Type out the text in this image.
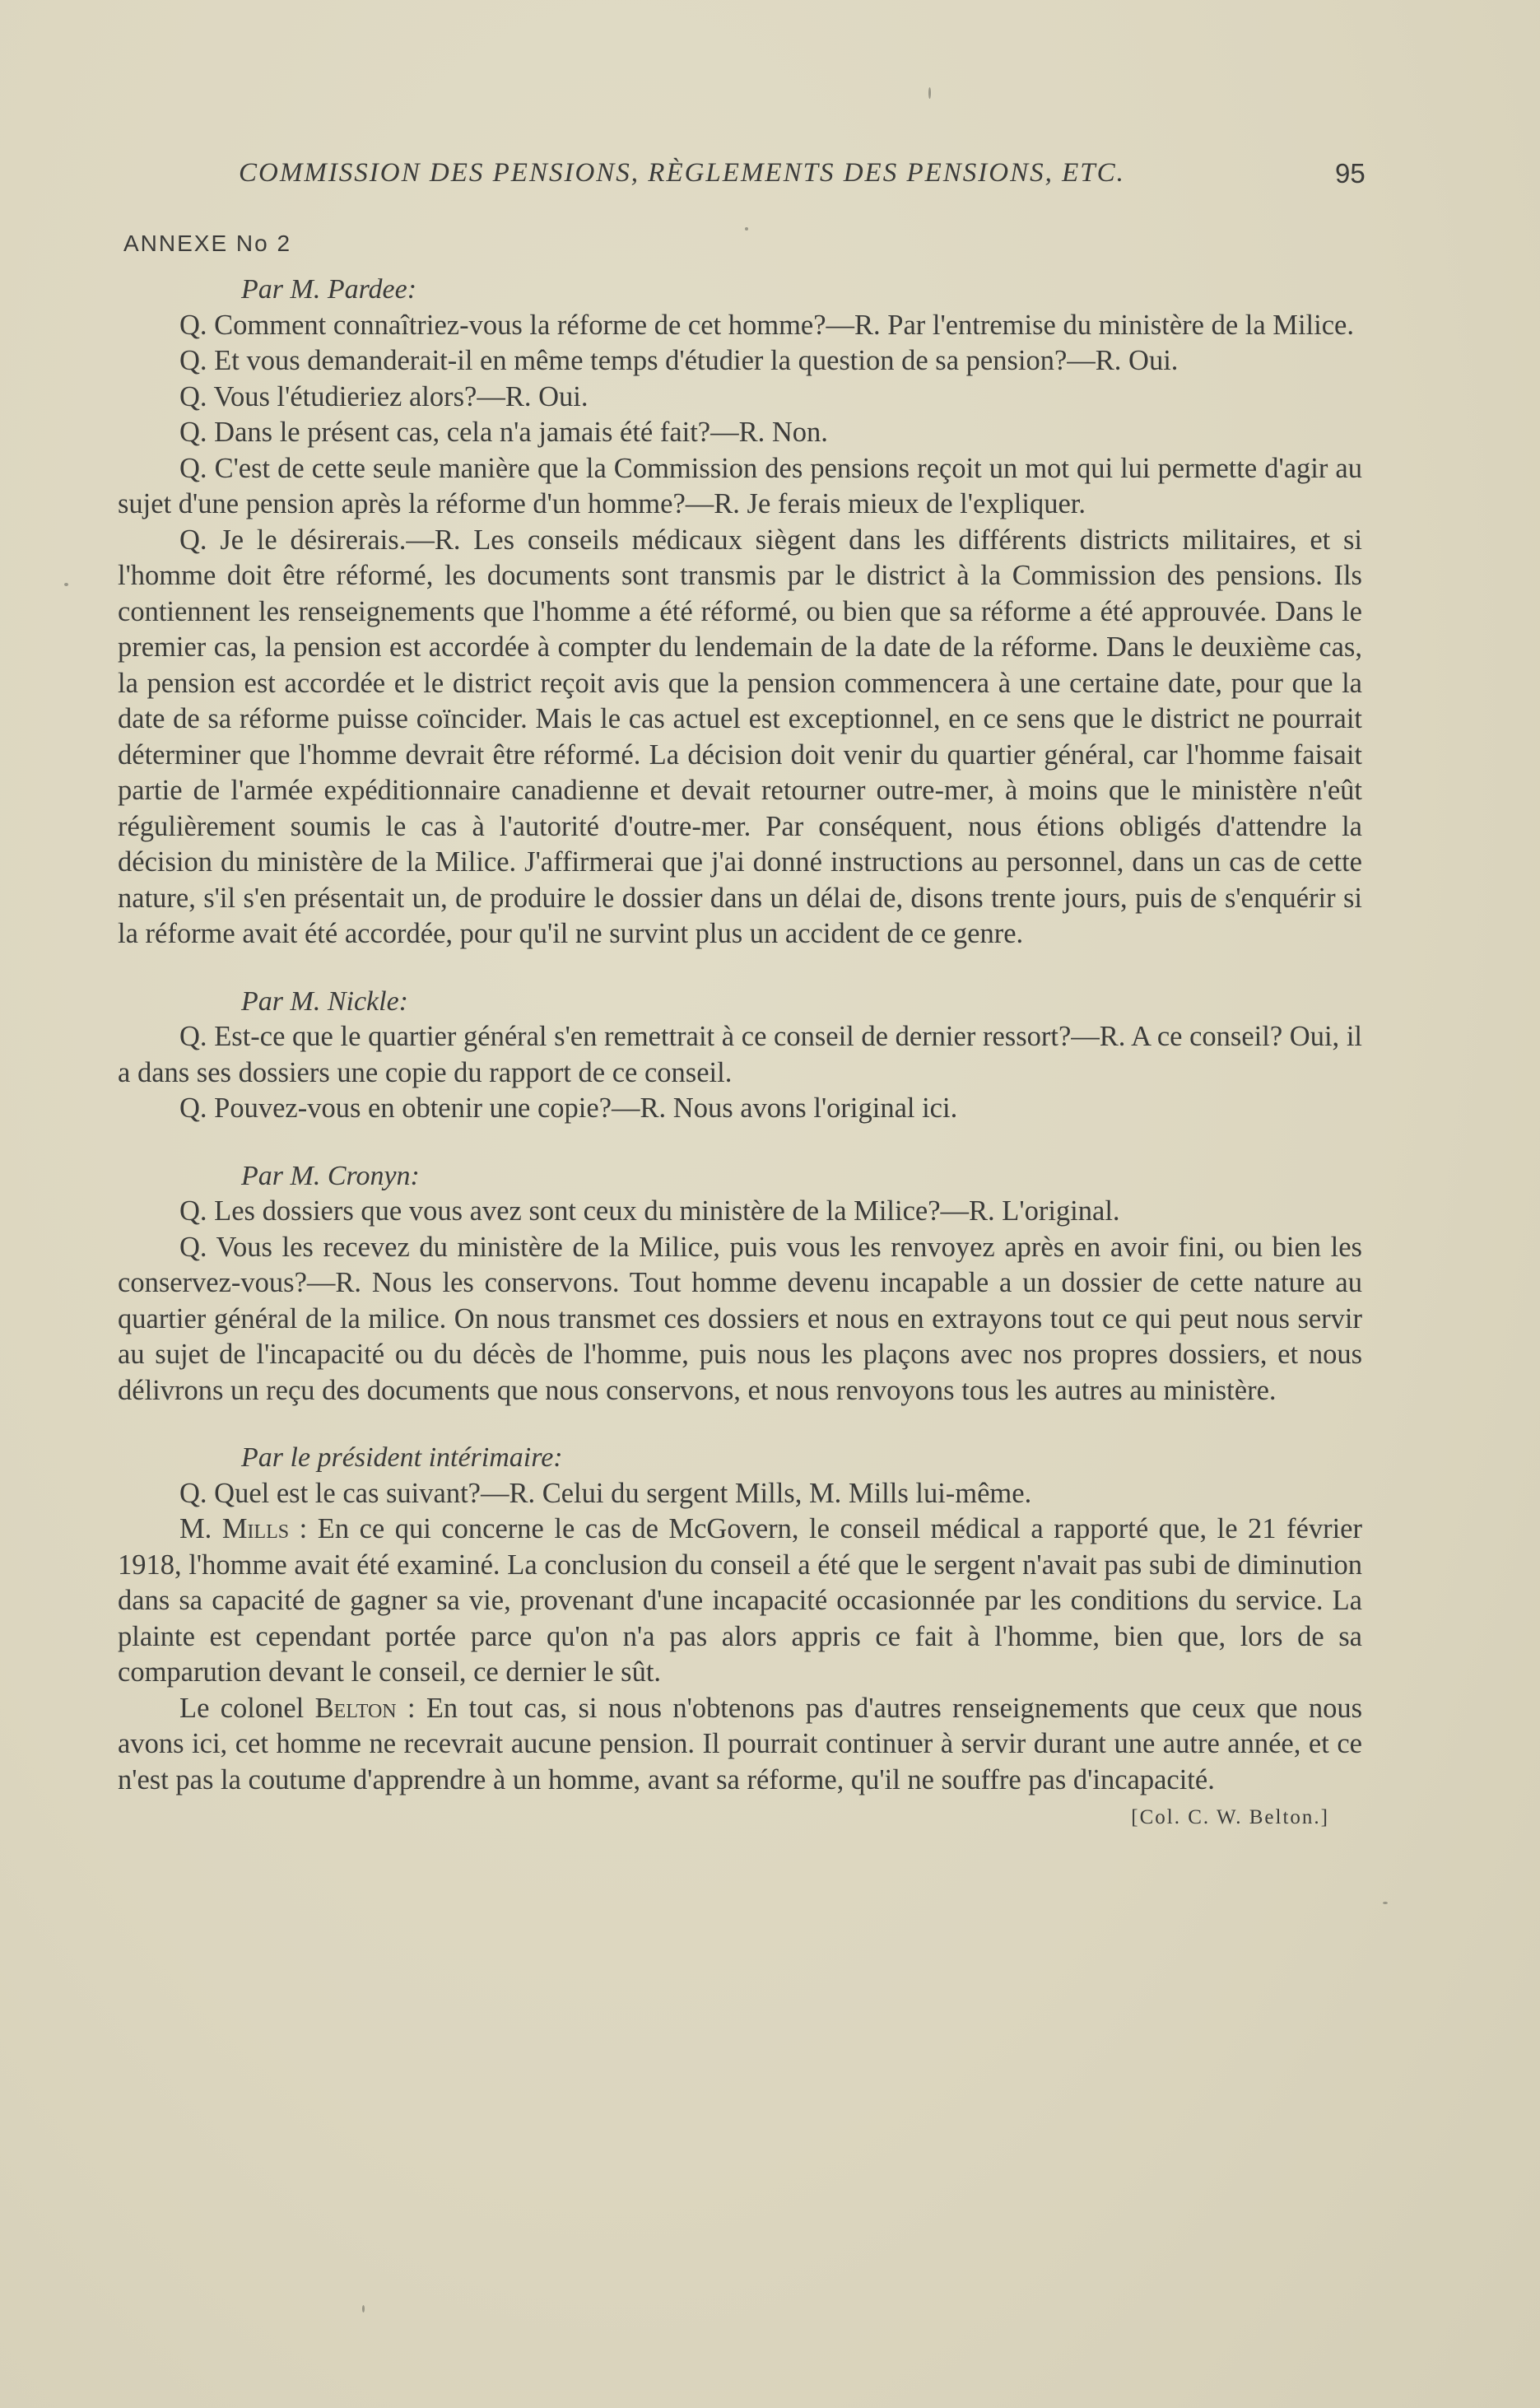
COMMISSION DES PENSIONS, RÈGLEMENTS DES PENSIONS, ETC.	95
ANNEXE No 2

Par M. Pardee:

Q. Comment connaîtriez-vous la réforme de cet homme?—R. Par l'entremise du ministère de la Milice.

Q. Et vous demanderait-il en même temps d'étudier la question de sa pension?—R. Oui.

Q. Vous l'étudieriez alors?—R. Oui.

Q. Dans le présent cas, cela n'a jamais été fait?—R. Non.

Q. C'est de cette seule manière que la Commission des pensions reçoit un mot qui lui permette d'agir au sujet d'une pension après la réforme d'un homme?—R. Je ferais mieux de l'expliquer.

Q. Je le désirerais.—R. Les conseils médicaux siègent dans les différents districts militaires, et si l'homme doit être réformé, les documents sont transmis par le district à la Commission des pensions. Ils contiennent les renseignements que l'homme a été réformé, ou bien que sa réforme a été approuvée. Dans le premier cas, la pension est accordée à compter du lendemain de la date de la réforme. Dans le deuxième cas, la pension est accordée et le district reçoit avis que la pension commencera à une certaine date, pour que la date de sa réforme puisse coïncider. Mais le cas actuel est exceptionnel, en ce sens que le district ne pourrait déterminer que l'homme devrait être réformé. La décision doit venir du quartier général, car l'homme faisait partie de l'armée expéditionnaire canadienne et devait retourner outre-mer, à moins que le ministère n'eût régulièrement soumis le cas à l'autorité d'outre-mer. Par conséquent, nous étions obligés d'attendre la décision du ministère de la Milice. J'affirmerai que j'ai donné instructions au personnel, dans un cas de cette nature, s'il s'en présentait un, de produire le dossier dans un délai de, disons trente jours, puis de s'enquérir si la réforme avait été accordée, pour qu'il ne survint plus un accident de ce genre.

Par M. Nickle:

Q. Est-ce que le quartier général s'en remettrait à ce conseil de dernier ressort?—R. A ce conseil? Oui, il a dans ses dossiers une copie du rapport de ce conseil.

Q. Pouvez-vous en obtenir une copie?—R. Nous avons l'original ici.

Par M. Cronyn:

Q. Les dossiers que vous avez sont ceux du ministère de la Milice?—R. L'original.

Q. Vous les recevez du ministère de la Milice, puis vous les renvoyez après en avoir fini, ou bien les conservez-vous?—R. Nous les conservons. Tout homme devenu incapable a un dossier de cette nature au quartier général de la milice. On nous transmet ces dossiers et nous en extrayons tout ce qui peut nous servir au sujet de l'incapacité ou du décès de l'homme, puis nous les plaçons avec nos propres dossiers, et nous délivrons un reçu des documents que nous conservons, et nous renvoyons tous les autres au ministère.

Par le président intérimaire:

Q. Quel est le cas suivant?—R. Celui du sergent Mills, M. Mills lui-même.

M. Mills : En ce qui concerne le cas de McGovern, le conseil médical a rapporté que, le 21 février 1918, l'homme avait été examiné. La conclusion du conseil a été que le sergent n'avait pas subi de diminution dans sa capacité de gagner sa vie, provenant d'une incapacité occasionnée par les conditions du service. La plainte est cependant portée parce qu'on n'a pas alors appris ce fait à l'homme, bien que, lors de sa comparution devant le conseil, ce dernier le sût.

Le colonel Belton : En tout cas, si nous n'obtenons pas d'autres renseignements que ceux que nous avons ici, cet homme ne recevrait aucune pension. Il pourrait continuer à servir durant une autre année, et ce n'est pas la coutume d'apprendre à un homme, avant sa réforme, qu'il ne souffre pas d'incapacité.

[Col. C. W. Belton.]
